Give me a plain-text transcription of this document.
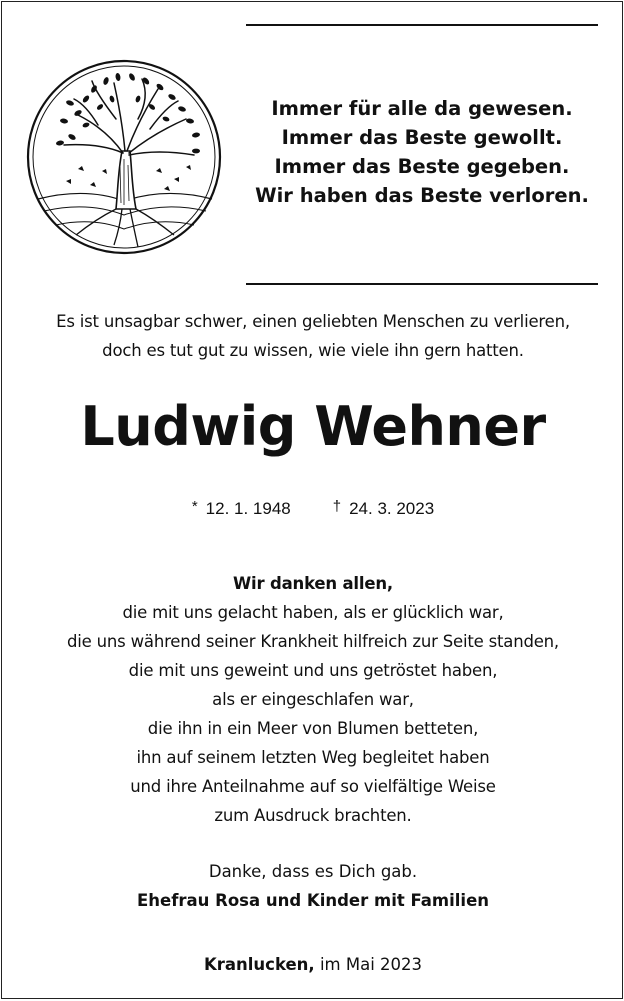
Immer für alle da gewesen.
Immer das Beste gewollt.
Immer das Beste gegeben.
Wir haben das Beste verloren.
Es ist unsagbar schwer, einen geliebten Menschen zu verlieren,
doch es tut gut zu wissen, wie viele ihn gern hatten.
Ludwig Wehner
* 12. 1. 1948	† 24. 3. 2023
Wir danken allen,
die mit uns gelacht haben, als er glücklich war,
die uns während seiner Krankheit hilfreich zur Seite standen,
die mit uns geweint und uns getröstet haben,
als er eingeschlafen war,
die ihn in ein Meer von Blumen betteten,
ihn auf seinem letzten Weg begleitet haben
und ihre Anteilnahme auf so vielfältige Weise
zum Ausdruck brachten.
Danke, dass es Dich gab.
Ehefrau Rosa und Kinder mit Familien
Kranlucken, im Mai 2023
